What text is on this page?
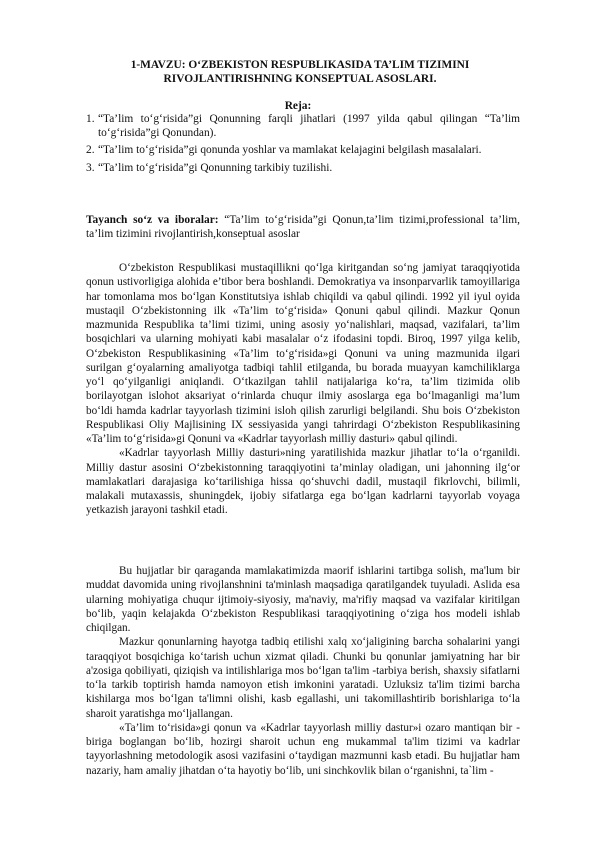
1-MAVZU: O‘ZBEKISTON RESPUBLIKASIDA TA’LIM TIZIMINI
RIVOJLANTIRISHNING KONSEPTUAL ASOSLARI.
Reja:
1. “Ta’lim to‘g‘risida”gi Qonunning farqli jihatlari (1997 yilda qabul qilingan “Ta’lim to‘g‘risida”gi Qonundan).
2. “Ta’lim to‘g‘risida”gi qonunda yoshlar va mamlakat kelajagini belgilash masalalari.
3. “Ta’lim to‘g‘risida”gi Qonunning tarkibiy tuzilishi.
Tayanch so‘z va iboralar: “Ta’lim to‘g‘risida”gi Qonun,ta’lim tizimi,professional ta’lim, ta’lim tizimini rivojlantirish,konseptual asoslar

O‘zbekiston Respublikasi mustaqillikni qo‘lga kiritgandan so‘ng jamiyat taraqqiyotida qonun ustivorligiga alohida e’tibor bera boshlandi. Demokratiya va insonparvarlik tamoyillariga har tomonlama mos bo‘lgan Konstitutsiya ishlab chiqildi va qabul qilindi. 1992 yil iyul oyida mustaqil O‘zbekistonning ilk «Ta’lim to‘g‘risida» Qonuni qabul qilindi. Mazkur Qonun mazmunida Respublika ta’limi tizimi, uning asosiy yo‘nalishlari, maqsad, vazifalari, ta’lim bosqichlari va ularning mohiyati kabi masalalar o‘z ifodasini topdi. Biroq, 1997 yilga kelib, O‘zbekiston Respublikasining «Ta’lim to‘g‘risida»gi Qonuni va uning mazmunida ilgari surilgan g‘oyalarning amaliyotga tadbiqi tahlil etilganda, bu borada muayyan kamchiliklarga yo‘l qo‘yilganligi aniqlandi. O‘tkazilgan tahlil natijalariga ko‘ra, ta’lim tizimida olib borilayotgan islohot aksariyat o‘rinlarda chuqur ilmiy asoslarga ega bo‘lmaganligi ma’lum bo‘ldi hamda kadrlar tayyorlash tizimini isloh qilish zarurligi belgilandi. Shu bois O‘zbekiston Respublikasi Oliy Majlisining IX sessiyasida yangi tahrirdagi O‘zbekiston Respublikasining «Ta’lim to‘g‘risida»gi Qonuni va «Kadrlar tayyorlash milliy dasturi» qabul qilindi.

«Kadrlar tayyorlash Milliy dasturi»ning yaratilishida mazkur jihatlar to‘la o‘rganildi. Milliy dastur asosini O‘zbekistonning taraqqiyotini ta’minlay oladigan, uni jahonning ilg‘or mamlakatlari darajasiga ko‘tarilishiga hissa qo‘shuvchi dadil, mustaqil fikrlovchi, bilimli, malakali mutaxassis, shuningdek, ijobiy sifatlarga ega bo‘lgan kadrlarni tayyorlab voyaga yetkazish jarayoni tashkil etadi.

Bu hujjatlar bir qaraganda mamlakatimizda maorif ishlarini tartibga solish, ma'lum bir muddat davomida uning rivojlanshnini ta'minlash maqsadiga qaratilgandek tuyuladi. Aslida esa ularning mohiyatiga chuqur ijtimoiy-siyosiy, ma'naviy, ma'rifiy maqsad va vazifalar kiritilgan bo‘lib, yaqin kelajakda O‘zbekiston Respublikasi taraqqiyotining o‘ziga hos modeli ishlab chiqilgan.

Mazkur qonunlarning hayotga tadbiq etilishi xalq xo‘jaligining barcha sohalarini yangi taraqqiyot bosqichiga ko‘tarish uchun xizmat qiladi. Chunki bu qonunlar jamiyatning har bir a'zosiga qobiliyati, qiziqish va intilishlariga mos bo‘lgan ta'lim -tarbiya berish, shaxsiy sifatlarni to‘la tarkib toptirish hamda namoyon etish imkonini yaratadi. Uzluksiz ta'lim tizimi barcha kishilarga mos bo‘lgan ta'limni olishi, kasb egallashi, uni takomillashtirib borishlariga to‘la sharoit yaratishga mo‘ljallangan.

«Ta’lim to‘risida»gi qonun va «Kadrlar tayyorlash milliy dastur»i ozaro mantiqan bir -biriga boglangan bo‘lib, hozirgi sharoit uchun eng mukammal ta'lim tizimi va kadrlar tayyorlashning metodologik asosi vazifasini o‘taydigan mazmunni kasb etadi. Bu hujjatlar ham nazariy, ham amaliy jihatdan o‘ta hayotiy bo‘lib, uni sinchkovlik bilan o‘rganishni, ta`lim -
